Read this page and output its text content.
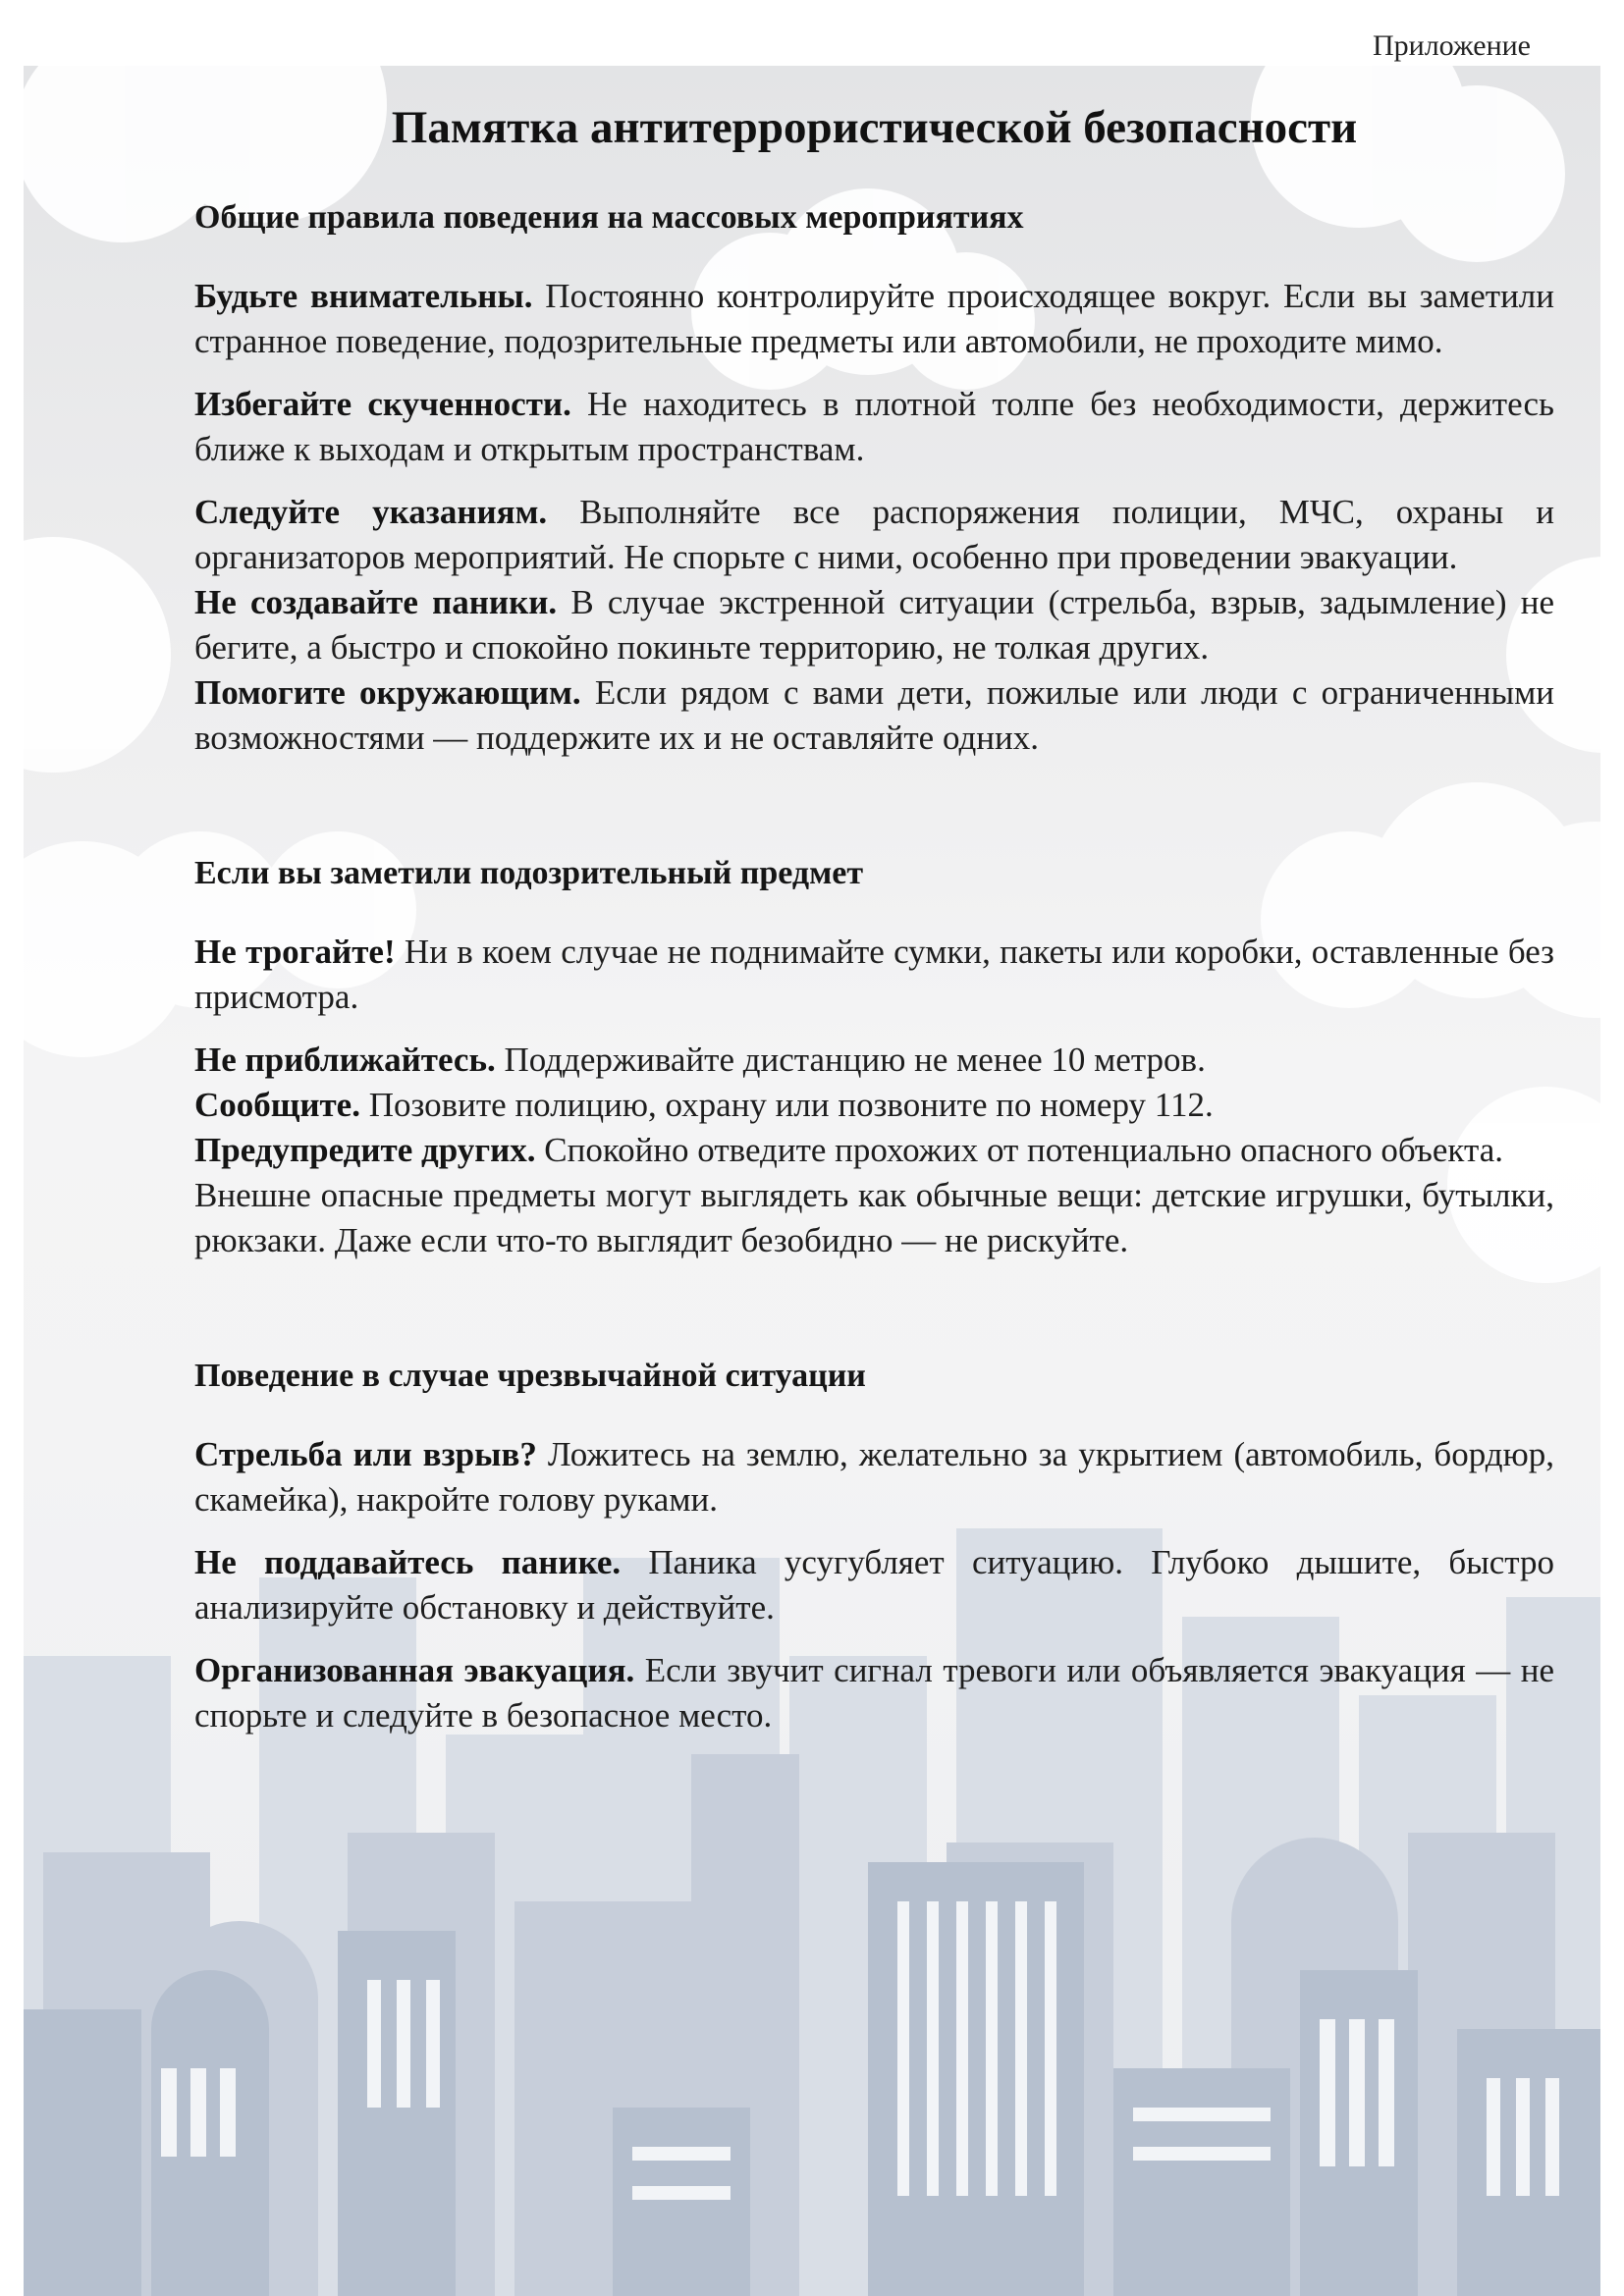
Приложение
Памятка антитеррористической безопасности
Общие правила поведения на массовых мероприятиях

Будьте внимательны. Постоянно контролируйте происходящее вокруг. Если вы заметили странное поведение, подозрительные предметы или автомобили, не проходите мимо.

Избегайте скученности. Не находитесь в плотной толпе без необходимости, держитесь ближе к выходам и открытым пространствам.

Следуйте указаниям. Выполняйте все распоряжения полиции, МЧС, охраны и организаторов мероприятий. Не спорьте с ними, особенно при проведении эвакуации.

Не создавайте паники. В случае экстренной ситуации (стрельба, взрыв, задымление) не бегите, а быстро и спокойно покиньте территорию, не толкая других.

Помогите окружающим. Если рядом с вами дети, пожилые или люди с ограниченными возможностями — поддержите их и не оставляйте одних.

Если вы заметили подозрительный предмет

Не трогайте! Ни в коем случае не поднимайте сумки, пакеты или коробки, оставленные без присмотра.

Не приближайтесь. Поддерживайте дистанцию не менее 10 метров.

Сообщите. Позовите полицию, охрану или позвоните по номеру 112.

Предупредите других. Спокойно отведите прохожих от потенциально опасного объекта.

Внешне опасные предметы могут выглядеть как обычные вещи: детские игрушки, бутылки, рюкзаки. Даже если что-то выглядит безобидно — не рискуйте.

Поведение в случае чрезвычайной ситуации

Стрельба или взрыв? Ложитесь на землю, желательно за укрытием (автомобиль, бордюр, скамейка), накройте голову руками.

Не поддавайтесь панике. Паника усугубляет ситуацию. Глубоко дышите, быстро анализируйте обстановку и действуйте.

Организованная эвакуация. Если звучит сигнал тревоги или объявляется эвакуация — не спорьте и следуйте в безопасное место.
